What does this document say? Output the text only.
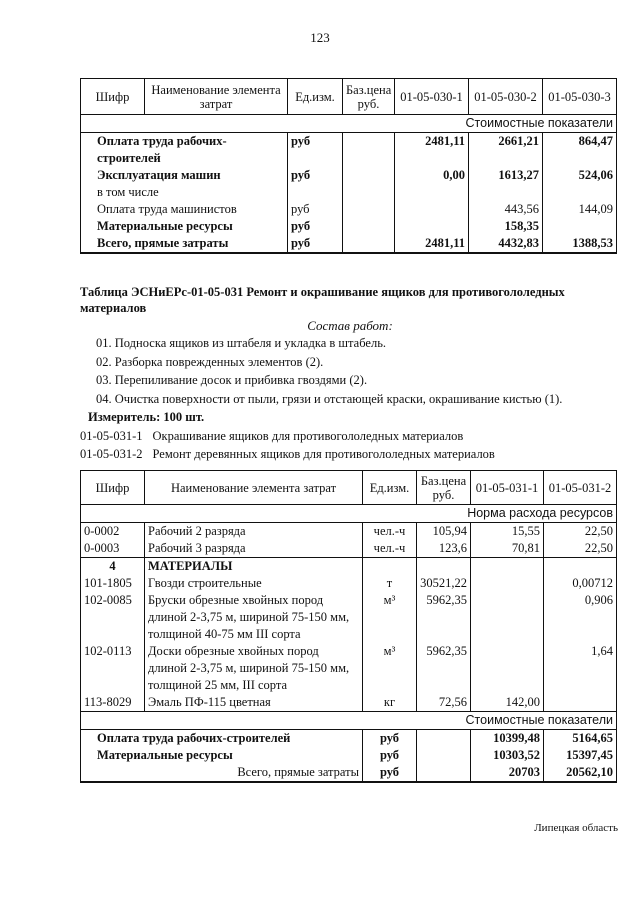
123
Шифр	Наименование элемента затрат	Ед.изм.	Баз.цена руб.	01-05-030-1	01-05-030-2	01-05-030-3
Стоимостные показатели						
Оплата труда рабочих-строителей		руб		2481,11	2661,21	864,47
Эксплуатация машин		руб		0,00	1613,27	524,06
в том числе						
Оплата труда машинистов		руб			443,56	144,09
Материальные ресурсы		руб			158,35	
Всего, прямые затраты		руб		2481,11	4432,83	1388,53
Таблица ЭСНиЕРс-01-05-031 Ремонт и окрашивание ящиков для противогололедных материалов
Состав работ:
01. Подноска ящиков из штабеля и укладка в штабель.
02. Разборка поврежденных элементов (2).
03. Перепиливание досок и прибивка гвоздями (2).
04. Очистка поверхности от пыли, грязи и отстающей краски, окрашивание кистью (1).
Измеритель: 100 шт.
01-05-031-1 Окрашивание ящиков для противогололедных материалов
01-05-031-2 Ремонт деревянных ящиков для противогололедных материалов
Шифр	Наименование элемента затрат	Ед.изм.	Баз.цена руб.	01-05-031-1	01-05-031-2
Норма расхода ресурсов					
0-0002	Рабочий 2 разряда	чел.-ч	105,94	15,55	22,50
0-0003	Рабочий 3 разряда	чел.-ч	123,6	70,81	22,50
4	МАТЕРИАЛЫ				
101-1805	Гвозди строительные	т	30521,22		0,00712
102-0085	Бруски обрезные хвойных пород длиной 2-3,75 м, шириной 75-150 мм, толщиной 40-75 мм III сорта	м³	5962,35		0,906
102-0113	Доски обрезные хвойных пород длиной 2-3,75 м, шириной 75-150 мм, толщиной 25 мм, III сорта	м³	5962,35		1,64
113-8029	Эмаль ПФ-115 цветная	кг	72,56	142,00	
Стоимостные показатели					
Оплата труда рабочих-строителей		руб		10399,48	5164,65
Материальные ресурсы		руб		10303,52	15397,45
Всего, прямые затраты		руб		20703	20562,10
Липецкая область
